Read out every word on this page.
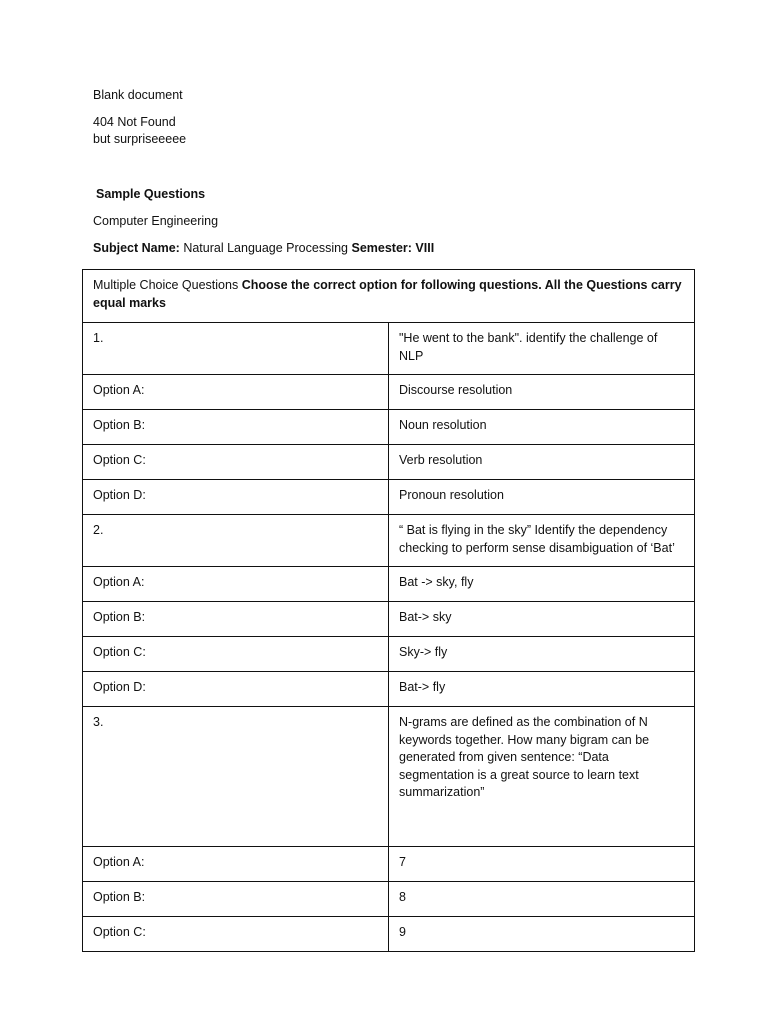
Blank document
404 Not Found
but surpriseeeee
Sample Questions
Computer Engineering
Subject Name: Natural Language Processing Semester: VIII
Multiple Choice Questions Choose the correct option for following questions. All the Questions carry equal marks	
1.	"He went to the bank". identify the challenge of NLP
Option A:	Discourse resolution
Option B:	Noun resolution
Option C:	Verb resolution
Option D:	Pronoun resolution
2.	“ Bat is flying in the sky” Identify the dependency checking to perform sense disambiguation of ‘Bat’
Option A:	Bat -> sky, fly
Option B:	Bat-> sky
Option C:	Sky-> fly
Option D:	Bat-> fly
3.	N-grams are defined as the combination of N keywords together. How many bigram can be generated from given sentence: “Data segmentation is a great source to learn text summarization”
Option A:	7
Option B:	8
Option C:	9
